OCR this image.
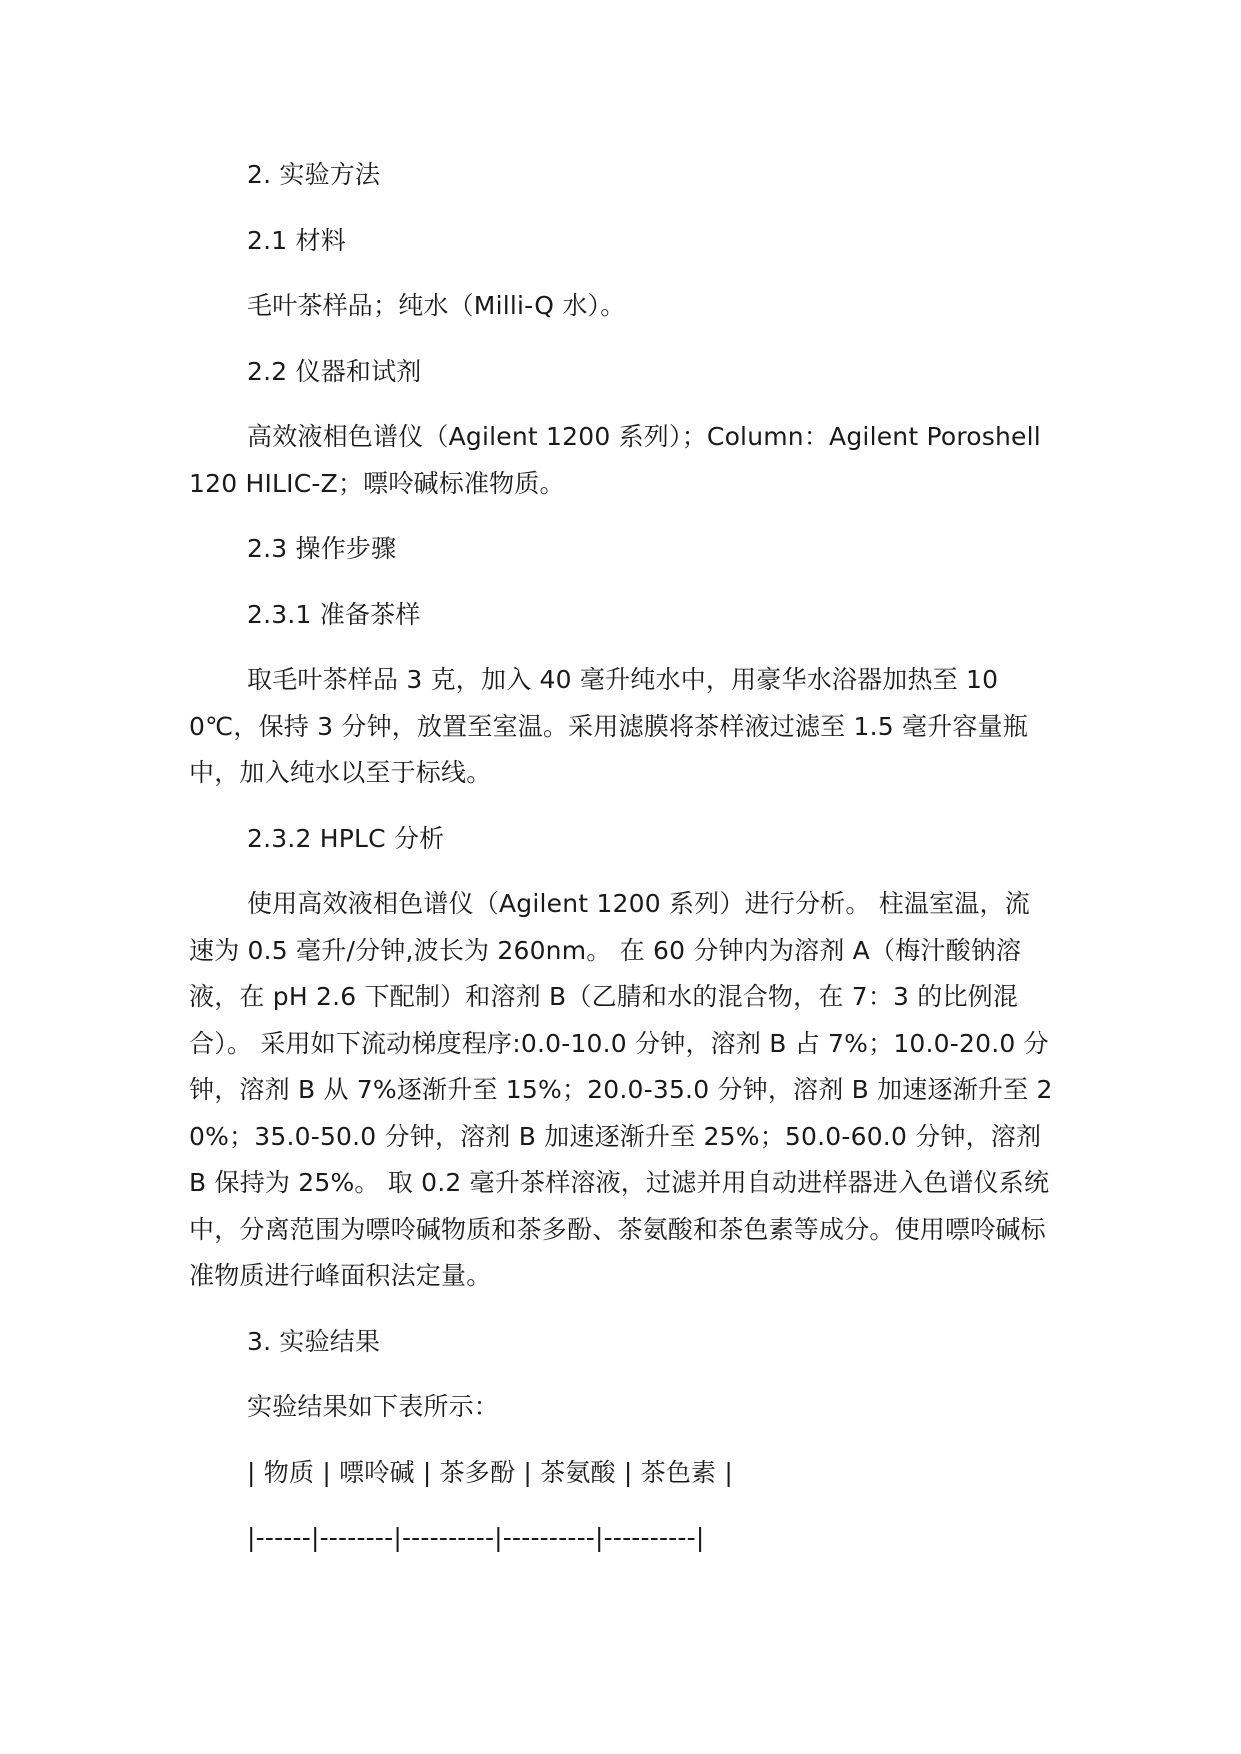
2. 实验方法

2.1 材料

毛叶茶样品；纯水（Milli-Q 水）。

2.2 仪器和试剂

高效液相色谱仪（Agilent 1200 系列）；Column：Agilent Poroshell 120 HILIC-Z；嘌呤碱标准物质。

2.3 操作步骤

2.3.1 准备茶样

取毛叶茶样品 3 克，加入 40 毫升纯水中，用豪华水浴器加热至 100℃，保持 3 分钟，放置至室温。采用滤膜将茶样液过滤至 1.5 毫升容量瓶中，加入纯水以至于标线。

2.3.2 HPLC 分析

使用高效液相色谱仪（Agilent 1200 系列）进行分析。 柱温室温，流速为 0.5 毫升/分钟,波长为 260nm。 在 60 分钟内为溶剂 A（梅汁酸钠溶液，在 pH 2.6 下配制）和溶剂 B（乙腈和水的混合物，在 7：3 的比例混合）。 采用如下流动梯度程序:0.0-10.0 分钟，溶剂 B 占 7%；10.0-20.0 分钟，溶剂 B 从 7%逐渐升至 15%；20.0-35.0 分钟，溶剂 B 加速逐渐升至 20%；35.0-50.0 分钟，溶剂 B 加速逐渐升至 25%；50.0-60.0 分钟，溶剂 B 保持为 25%。 取 0.2 毫升茶样溶液，过滤并用自动进样器进入色谱仪系统中，分离范围为嘌呤碱物质和茶多酚、茶氨酸和茶色素等成分。使用嘌呤碱标准物质进行峰面积法定量。

3. 实验结果

实验结果如下表所示：

| 物质 | 嘌呤碱 | 茶多酚 | 茶氨酸 | 茶色素 |

|------|--------|----------|----------|----------|
